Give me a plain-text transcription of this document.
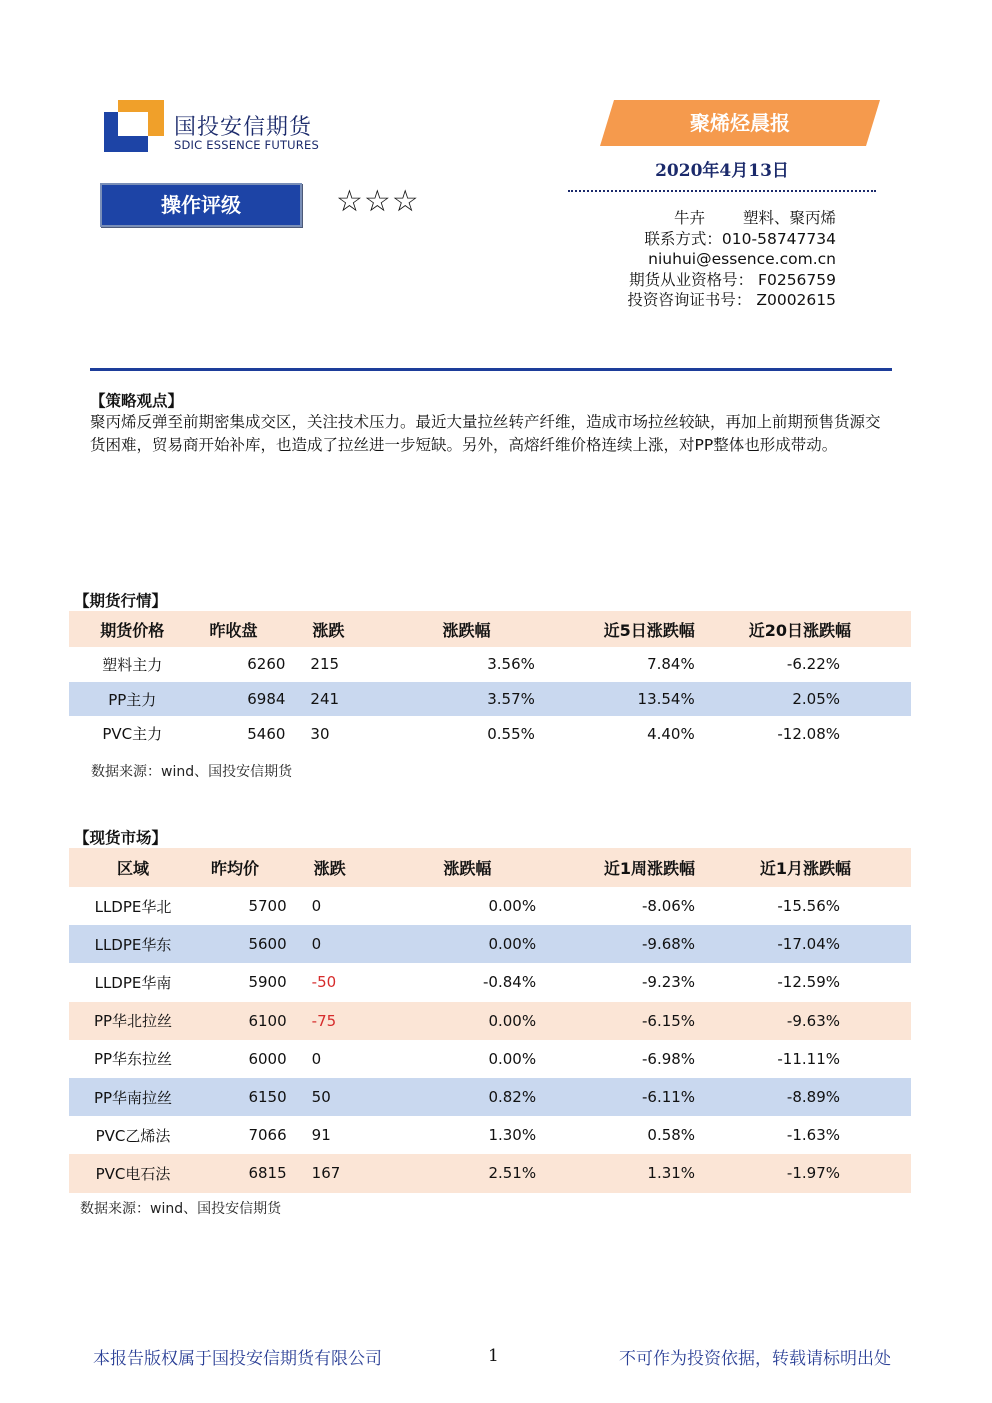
国投安信期货
SDIC ESSENCE FUTURES
聚烯烃晨报
2020年4月13日
操作评级	☆☆☆	牛卉 塑料、聚丙烯
联系方式：010-58747734
niuhui@essence.com.cn
期货从业资格号： F0256759
投资咨询证书号： Z0002615
【策略观点】
聚丙烯反弹至前期密集成交区，关注技术压力。最近大量拉丝转产纤维，造成市场拉丝较缺，再加上前期预售货源交货困难，贸易商开始补库，也造成了拉丝进一步短缺。另外，高熔纤维价格连续上涨，对PP整体也形成带动。
【期货行情】
期货价格	昨收盘	涨跌	涨跌幅	近5日涨跌幅	近20日涨跌幅
塑料主力	6260	215	3.56%	7.84%	-6.22%
PP主力	6984	241	3.57%	13.54%	2.05%
PVC主力	5460	30	0.55%	4.40%	-12.08%
数据来源：wind、国投安信期货
【现货市场】
区域	昨均价	涨跌	涨跌幅	近1周涨跌幅	近1月涨跌幅
LLDPE华北	5700	0	0.00%	-8.06%	-15.56%
LLDPE华东	5600	0	0.00%	-9.68%	-17.04%
LLDPE华南	5900	-50	-0.84%	-9.23%	-12.59%
PP华北拉丝	6100	-75	0.00%	-6.15%	-9.63%
PP华东拉丝	6000	0	0.00%	-6.98%	-11.11%
PP华南拉丝	6150	50	0.82%	-6.11%	-8.89%
PVC乙烯法	7066	91	1.30%	0.58%	-1.63%
PVC电石法	6815	167	2.51%	1.31%	-1.97%
数据来源：wind、国投安信期货
本报告版权属于国投安信期货有限公司	1	不可作为投资依据，转载请标明出处
